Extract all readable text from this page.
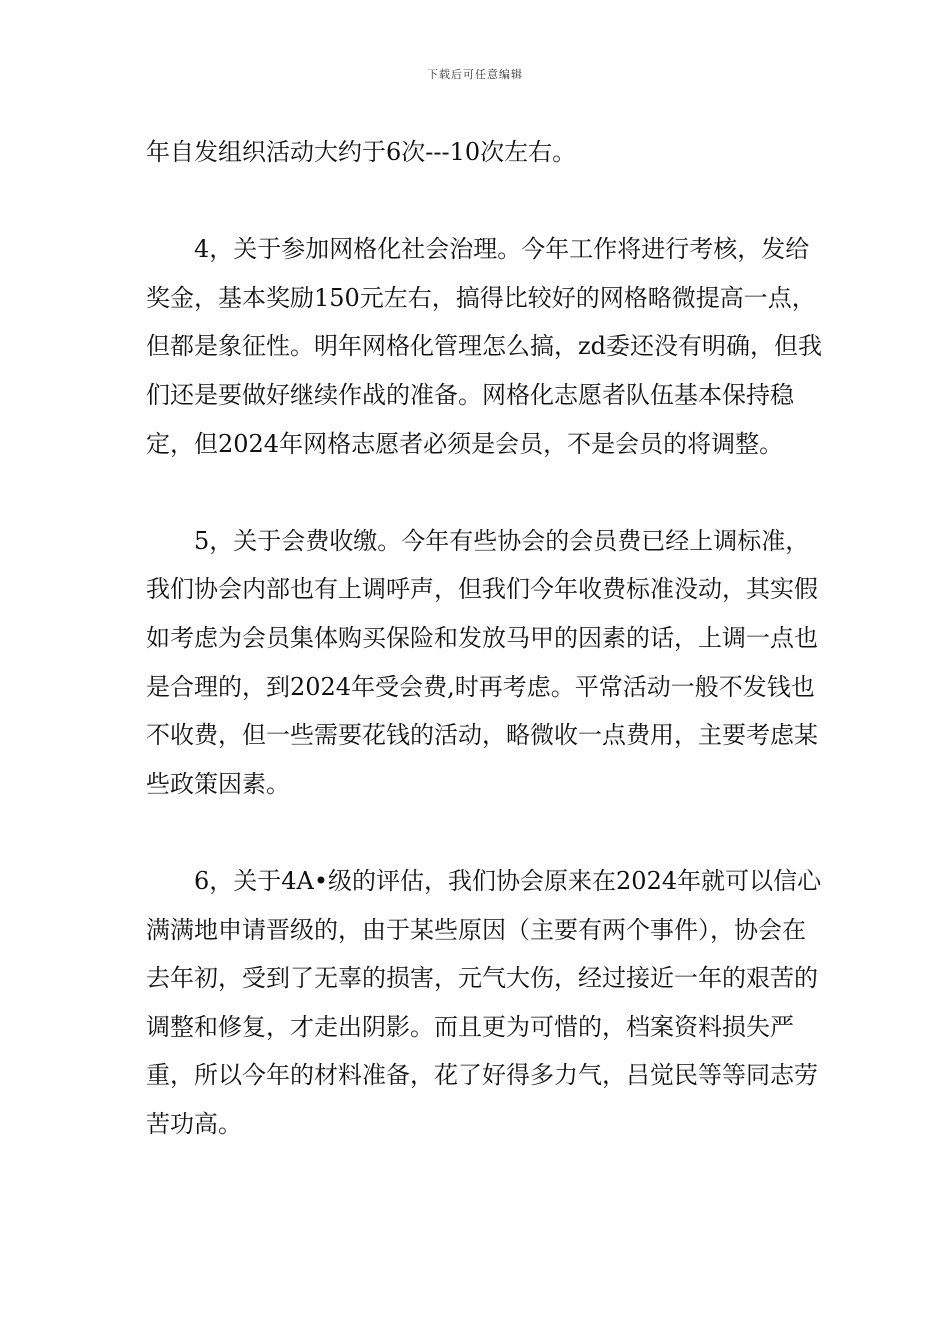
下载后可任意编辑

年自发组织活动大约于6次---10次左右。

4，关于参加网格化社会治理。今年工作将进行考核，发给奖金，基本奖励150元左右，搞得比较好的网格略微提高一点，但都是象征性。明年网格化管理怎么搞，zd委还没有明确，但我们还是要做好继续作战的准备。网格化志愿者队伍基本保持稳定，但2024年网格志愿者必须是会员，不是会员的将调整。

5，关于会费收缴。今年有些协会的会员费已经上调标准，我们协会内部也有上调呼声，但我们今年收费标准没动，其实假如考虑为会员集体购买保险和发放马甲的因素的话，上调一点也是合理的，到2024年受会费,时再考虑。平常活动一般不发钱也不收费，但一些需要花钱的活动，略微收一点费用，主要考虑某些政策因素。

6，关于4A•级的评估，我们协会原来在2024年就可以信心满满地申请晋级的，由于某些原因（主要有两个事件），协会在去年初，受到了无辜的损害，元气大伤，经过接近一年的艰苦的调整和修复，才走出阴影。而且更为可惜的，档案资料损失严重，所以今年的材料准备，花了好得多力气，吕觉民等等同志劳苦功高。
